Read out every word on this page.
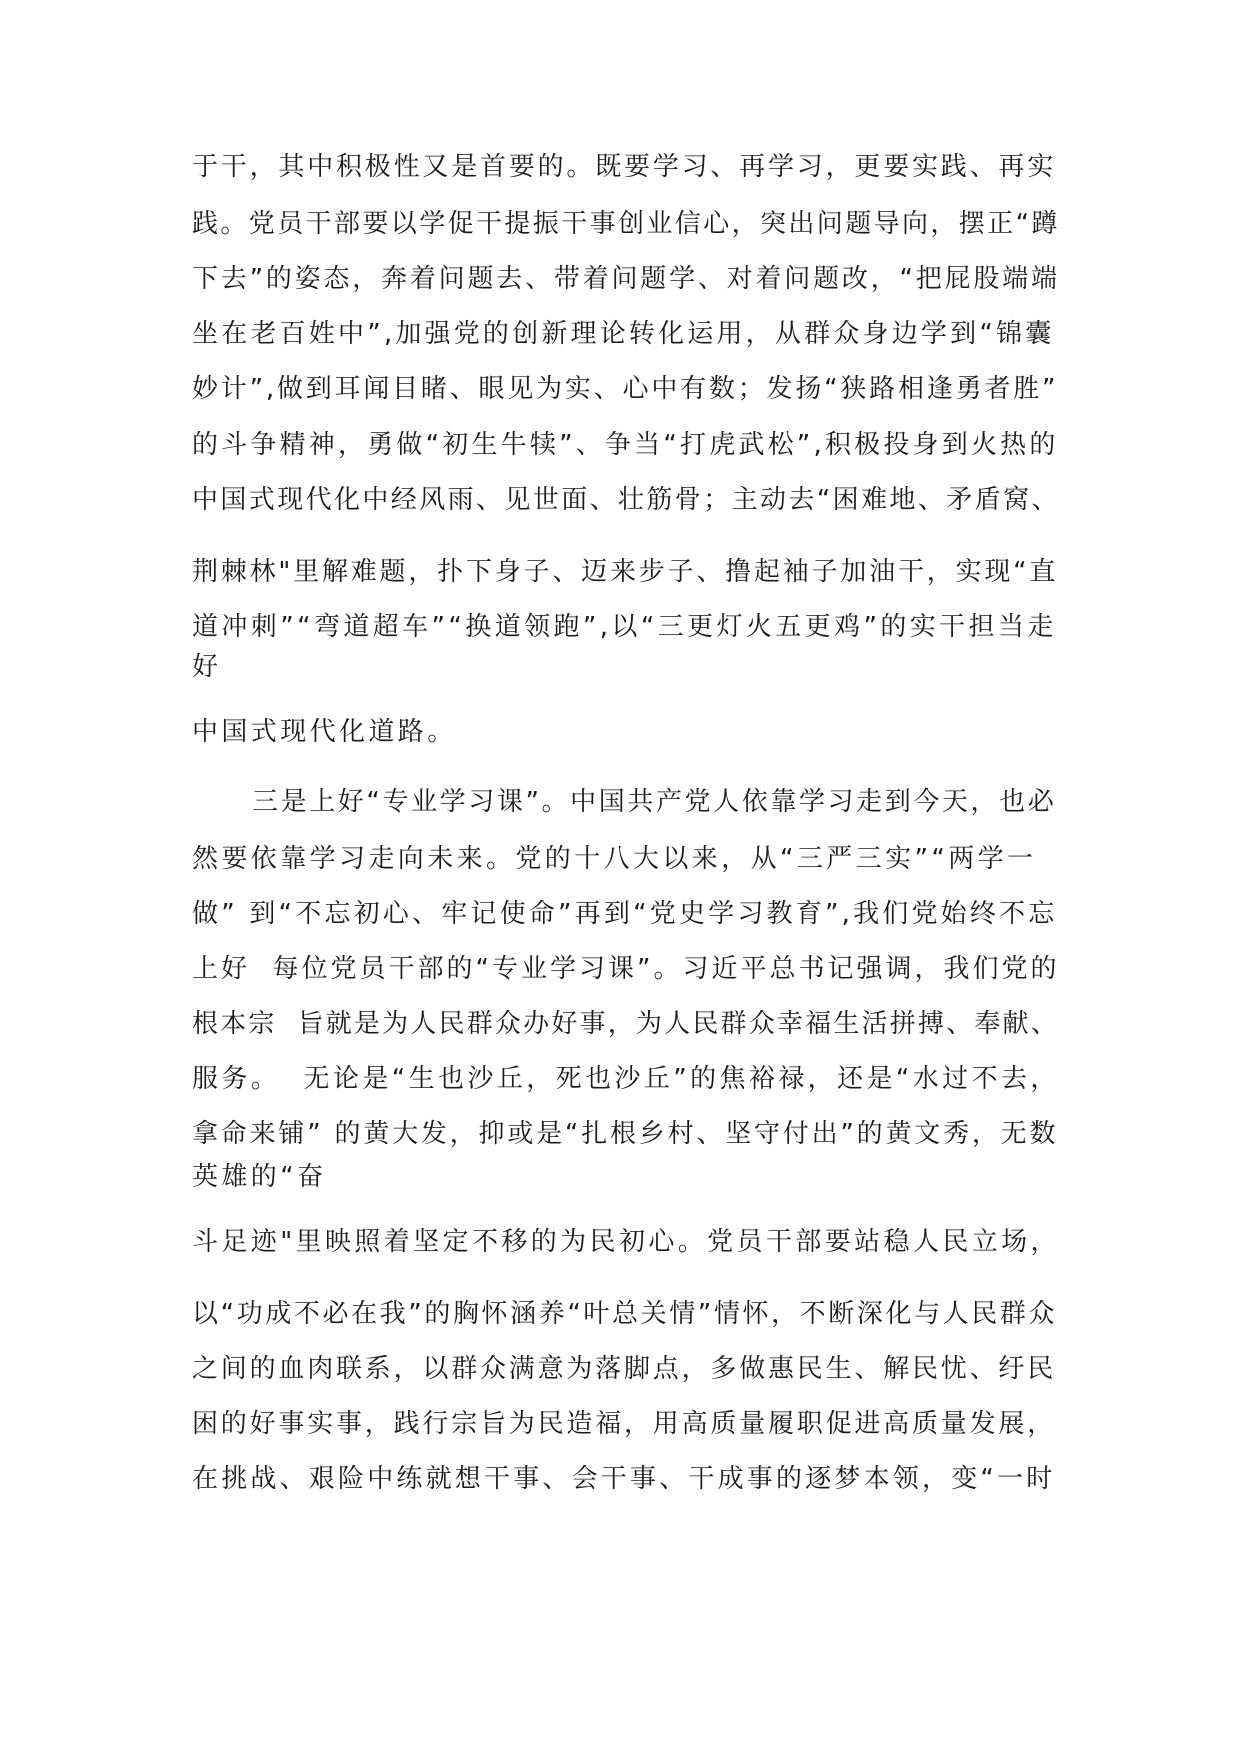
于干，其中积极性又是首要的。既要学习、再学习，更要实践、再实

践。党员干部要以学促干提振干事创业信心，突出问题导向，摆正“蹲

下去”的姿态，奔着问题去、带着问题学、对着问题改，“把屁股端端

坐在老百姓中”,加强党的创新理论转化运用，从群众身边学到“锦囊

妙计”,做到耳闻目睹、眼见为实、心中有数；发扬“狭路相逢勇者胜”

的斗争精神，勇做“初生牛犊”、争当“打虎武松”,积极投身到火热的

中国式现代化中经风雨、见世面、壮筋骨；主动去“困难地、矛盾窝、

荆棘林"里解难题，扑下身子、迈来步子、撸起袖子加油干，实现“直

道冲刺”“弯道超车”“换道领跑”,以“三更灯火五更鸡”的实干担当走

好

中国式现代化道路。

三是上好“专业学习课”。中国共产党人依靠学习走到今天，也必

然要依靠学习走向未来。党的十八大以来，从“三严三实”“两学一

做” 到“不忘初心、牢记使命”再到“党史学习教育”,我们党始终不忘

上好  每位党员干部的“专业学习课”。习近平总书记强调，我们党的

根本宗  旨就是为人民群众办好事，为人民群众幸福生活拼搏、奉献、

服务。  无论是“生也沙丘，死也沙丘”的焦裕禄，还是“水过不去，

拿命来铺” 的黄大发，抑或是“扎根乡村、坚守付出”的黄文秀，无数

英雄的“奋

斗足迹"里映照着坚定不移的为民初心。党员干部要站稳人民立场，

以“功成不必在我”的胸怀涵养“叶总关情”情怀，不断深化与人民群众

之间的血肉联系，以群众满意为落脚点，多做惠民生、解民忧、纡民

困的好事实事，践行宗旨为民造福，用高质量履职促进高质量发展，

在挑战、艰险中练就想干事、会干事、干成事的逐梦本领，变“一时
